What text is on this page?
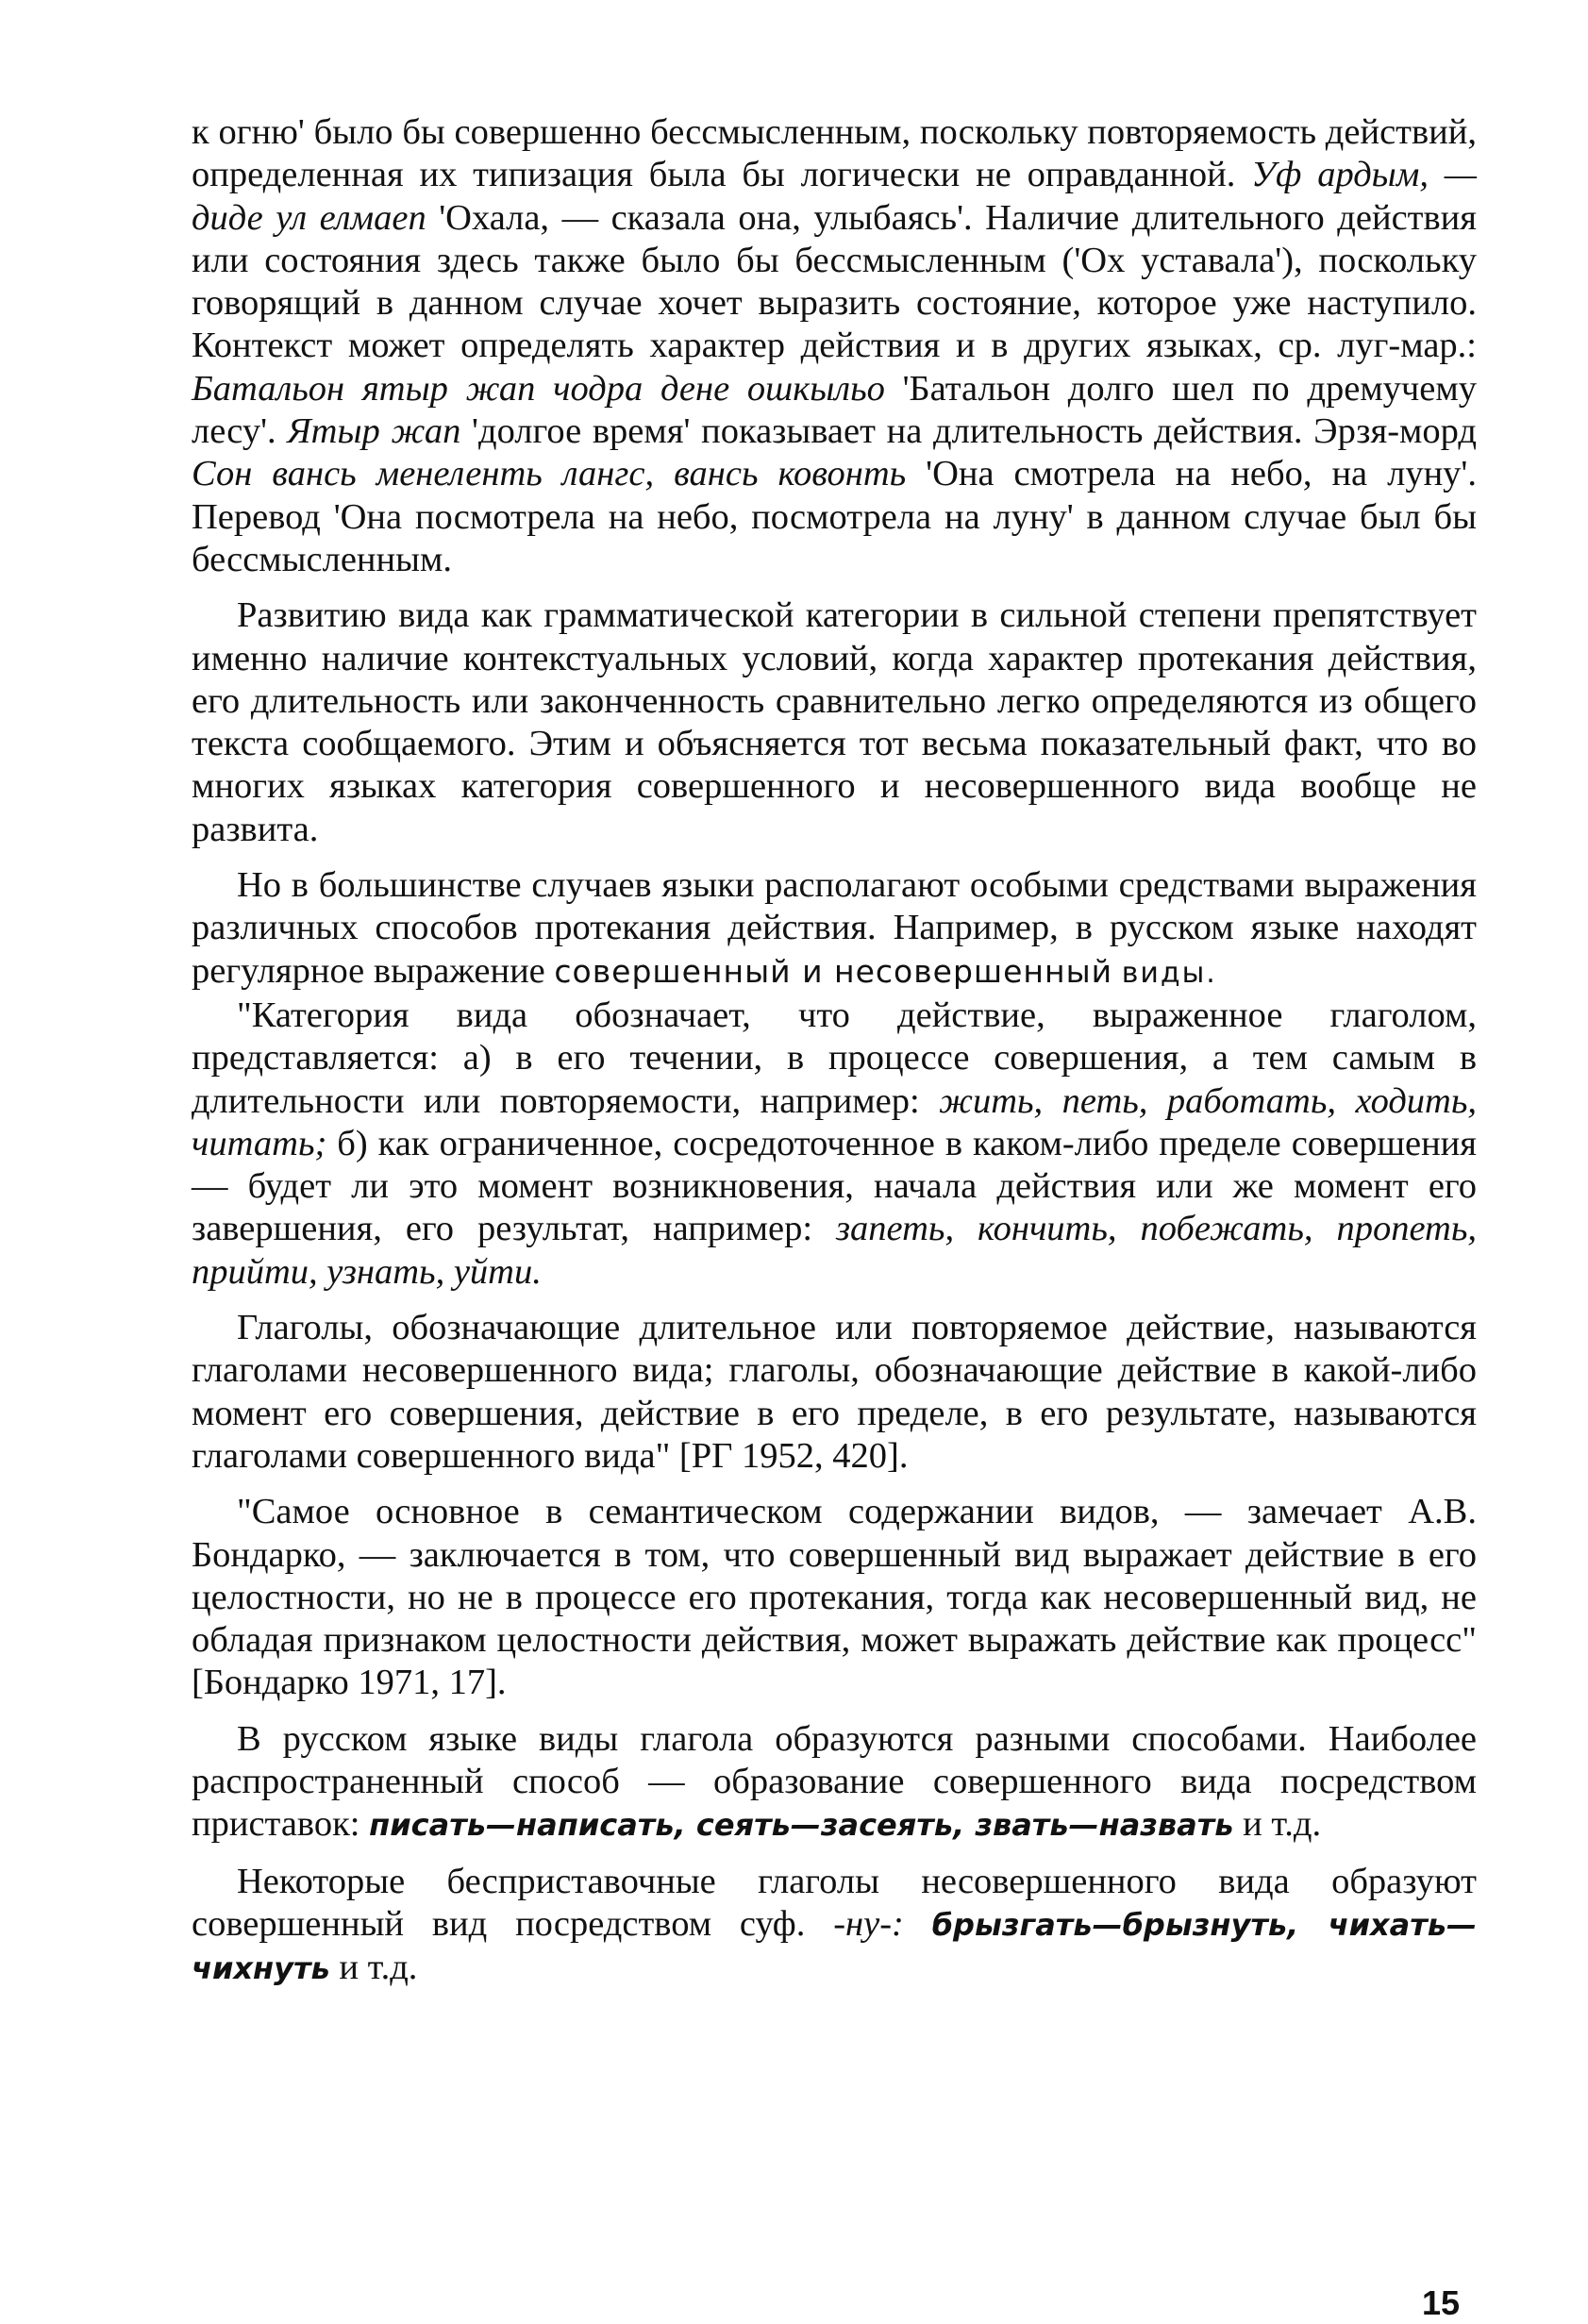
к огню' было бы совершенно бессмысленным, поскольку повторяемость действий, определенная их типизация была бы логически не оправданной. Уф ардым, — диде ул елмаеп 'Охала, — сказала она, улыбаясь'. Наличие длительного действия или состояния здесь также было бы бессмысленным ('Ох уставала'), поскольку говорящий в данном случае хочет выразить состояние, которое уже наступило. Контекст может определять характер действия и в других языках, ср. луг-мар.: Батальон ятыр жап чодра дене ошкыльо 'Батальон долго шел по дремучему лесу'. Ятыр жап 'долгое время' показывает на длительность действия. Эрзя-морд Сон вансь менеленть лангс, вансь ковонть 'Она смотрела на небо, на луну'. Перевод 'Она посмотрела на небо, посмотрела на луну' в данном случае был бы бессмысленным.

Развитию вида как грамматической категории в сильной степени препятствует именно наличие контекстуальных условий, когда характер протекания действия, его длительность или законченность сравнительно легко определяются из общего текста сообщаемого. Этим и объясняется тот весьма показательный факт, что во многих языках категория совершенного и несовершенного вида вообще не развита.

Но в большинстве случаев языки располагают особыми средствами выражения различных способов протекания действия. Например, в русском языке находят регулярное выражение совершенный и несовершенный виды.

"Категория вида обозначает, что действие, выраженное глаголом, представляется: а) в его течении, в процессе совершения, а тем самым в длительности или повторяемости, например: жить, петь, работать, ходить, читать; б) как ограниченное, сосредоточенное в каком-либо пределе совершения — будет ли это момент возникновения, начала действия или же момент его завершения, его результат, например: запеть, кончить, побежать, пропеть, прийти, узнать, уйти.

Глаголы, обозначающие длительное или повторяемое действие, называются глаголами несовершенного вида; глаголы, обозначающие действие в какой-либо момент его совершения, действие в его пределе, в его результате, называются глаголами совершенного вида" [РГ 1952, 420].

"Самое основное в семантическом содержании видов, — замечает А.В. Бондарко, — заключается в том, что совершенный вид выражает действие в его целостности, но не в процессе его протекания, тогда как несовершенный вид, не обладая признаком целостности действия, может выражать действие как процесс" [Бондарко 1971, 17].

В русском языке виды глагола образуются разными способами. Наиболее распространенный способ — образование совершенного вида посредством приставок: писать—написать, сеять—засеять, звать—назвать и т.д.

Некоторые бесприставочные глаголы несовершенного вида образуют совершенный вид посредством суф. -ну-: брызгать—брызнуть, чихать—чихнуть и т.д.

15
